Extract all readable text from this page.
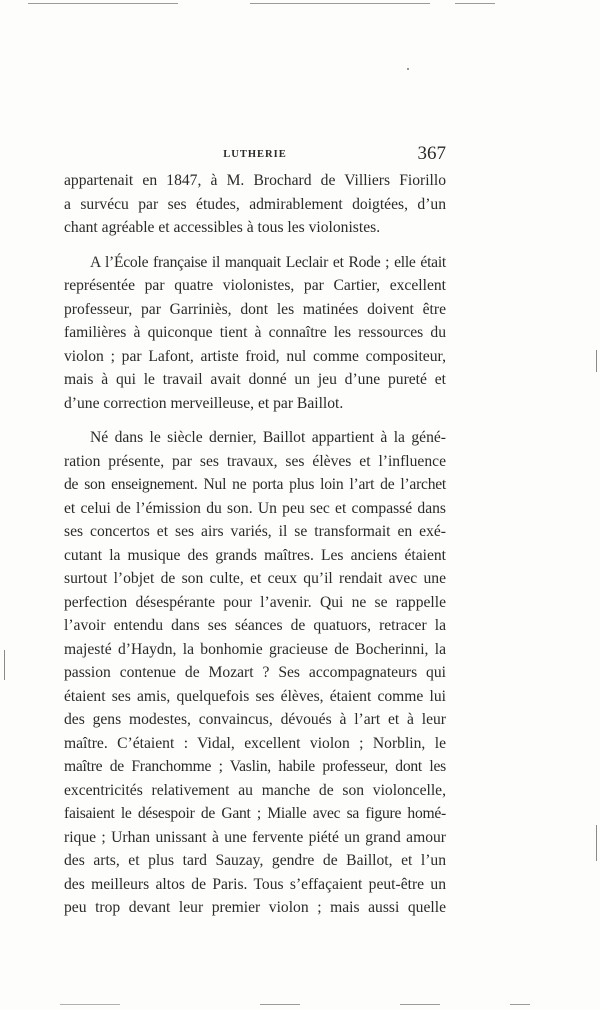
LUTHERIE	367

appartenait en 1847, à M. Brochard de Villiers Fiorillo
a survécu par ses études, admirablement doigtées, d’un
chant agréable et accessibles à tous les violonistes.

A l’École française il manquait Leclair et Rode ; elle était
représentée par quatre violonistes, par Cartier, excellent
professeur, par Garriniès, dont les matinées doivent être
familières à quiconque tient à connaître les ressources du
violon ; par Lafont, artiste froid, nul comme compositeur,
mais à qui le travail avait donné un jeu d’une pureté et
d’une correction merveilleuse, et par Baillot.

Né dans le siècle dernier, Baillot appartient à la géné-
ration présente, par ses travaux, ses élèves et l’influence
de son enseignement. Nul ne porta plus loin l’art de l’archet
et celui de l’émission du son. Un peu sec et compassé dans
ses concertos et ses airs variés, il se transformait en exé-
cutant la musique des grands maîtres. Les anciens étaient
surtout l’objet de son culte, et ceux qu’il rendait avec une
perfection désespérante pour l’avenir. Qui ne se rappelle
l’avoir entendu dans ses séances de quatuors, retracer la
majesté d’Haydn, la bonhomie gracieuse de Bocherinni, la
passion contenue de Mozart ? Ses accompagnateurs qui
étaient ses amis, quelquefois ses élèves, étaient comme lui
des gens modestes, convaincus, dévoués à l’art et à leur
maître. C’étaient : Vidal, excellent violon ; Norblin, le
maître de Franchomme ; Vaslin, habile professeur, dont les
excentricités relativement au manche de son violoncelle,
faisaient le désespoir de Gant ; Mialle avec sa figure homé-
rique ; Urhan unissant à une fervente piété un grand amour
des arts, et plus tard Sauzay, gendre de Baillot, et l’un
des meilleurs altos de Paris. Tous s’effaçaient peut-être un
peu trop devant leur premier violon ; mais aussi quelle
